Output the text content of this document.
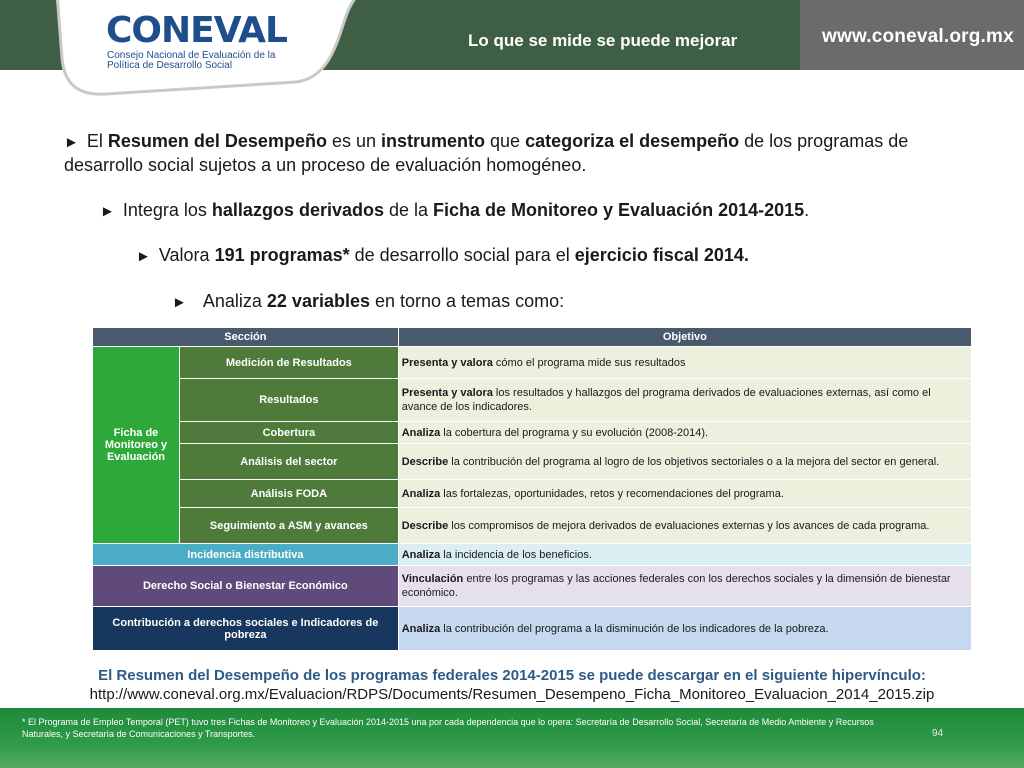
CONEVAL
Consejo Nacional de Evaluación de la Política de Desarrollo Social
Lo que se mide se puede mejorar	www.coneval.org.mx
► El Resumen del Desempeño es un instrumento que categoriza el desempeño de los programas de desarrollo social sujetos a un proceso de evaluación homogéneo.
► Integra los hallazgos derivados de la Ficha de Monitoreo y Evaluación 2014-2015.
► Valora 191 programas* de desarrollo social para el ejercicio fiscal 2014.
► Analiza 22 variables en torno a temas como:
Sección		Objetivo
Ficha de Monitoreo y Evaluación	Medición de Resultados	Presenta y valora cómo el programa mide sus resultados
	Resultados	Presenta y valora los resultados y hallazgos del programa derivados de evaluaciones externas, así como el avance de los indicadores.
	Cobertura	Analiza la cobertura del programa y su evolución (2008-2014).
	Análisis del sector	Describe la contribución del programa al logro de los objetivos sectoriales o a la mejora del sector en general.
	Análisis FODA	Analiza las fortalezas, oportunidades, retos y recomendaciones del programa.
	Seguimiento a ASM y avances	Describe los compromisos de mejora derivados de evaluaciones externas y los avances de cada programa.
Incidencia distributiva		Analiza la incidencia de los beneficios.
Derecho Social o Bienestar Económico		Vinculación entre los programas y las acciones federales con los derechos sociales y la dimensión de bienestar económico.
Contribución a derechos sociales e Indicadores de pobreza		Analiza la contribución del programa a la disminución de los indicadores de la pobreza.
El Resumen del Desempeño de los programas federales 2014-2015 se puede descargar en el siguiente hipervínculo:
http://www.coneval.org.mx/Evaluacion/RDPS/Documents/Resumen_Desempeno_Ficha_Monitoreo_Evaluacion_2014_2015.zip
* El Programa de Empleo Temporal (PET) tuvo tres Fichas de Monitoreo y Evaluación 2014-2015 una por cada dependencia que lo opera: Secretaría de Desarrollo Social, Secretaría de Medio Ambiente y Recursos Naturales, y Secretaría de Comunicaciones y Transportes.	94
